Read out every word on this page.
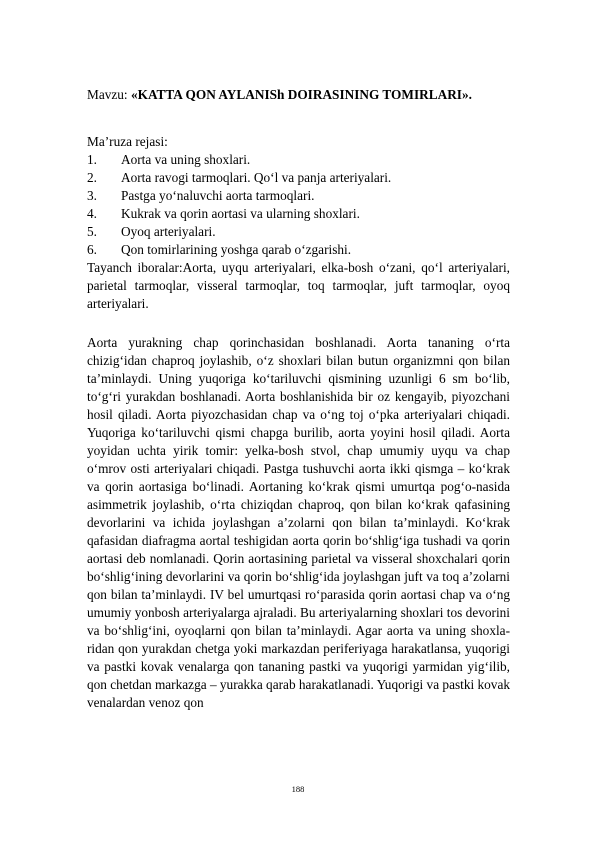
Mavzu: «KATTA QON AYLANISh DOIRASINING TOMIRLARI».
Ma’ruza rejasi:
1.	Aorta va uning shoxlari.
2.	Aorta ravogi tarmoqlari. Qo‘l va panja arteriyalari.
3.	Pastga yo‘naluvchi aorta tarmoqlari.
4.	Kukrak va qorin aortasi va ularning shoxlari.
5.	Oyoq arteriyalari.
6.	Qon tomirlarining yoshga qarab o‘zgarishi.

Tayanch iboralar:Aorta, uyqu arteriyalari, elka-bosh o‘zani, qo‘l arteriyalari, parietal tarmoqlar, visseral tarmoqlar, toq tarmoqlar, juft tarmoqlar, oyoq arteriyalari.

Aorta yurakning chap qorinchasidan boshlanadi. Aorta tananing o‘rta chizig‘idan chaproq joylashib, o‘z shoxlari bilan butun organizmni qon bilan ta’minlaydi. Uning yuqoriga ko‘tariluvchi qismining uzunligi 6 sm bo‘lib, to‘g‘ri yurakdan boshlanadi. Aorta boshlanishida bir oz kengayib, piyozchani hosil qiladi. Aorta piyozchasidan chap va o‘ng toj o‘pka arteriyalari chiqadi. Yuqoriga ko‘tariluvchi qismi chapga burilib, aorta yoyini hosil qiladi. Aorta yoyidan uchta yirik tomir: yelka-bosh stvol, chap umumiy uyqu va chap o‘mrov osti arteriyalari chiqadi. Pastga tushuvchi aorta ikki qismga – ko‘krak va qorin aortasiga bo‘linadi. Aortaning ko‘krak qismi umurtqa pog‘o-nasida asimmetrik joylashib, o‘rta chiziqdan chaproq, qon bilan ko‘krak qafasining devorlarini va ichida joylashgan a’zolarni qon bilan ta’minlaydi. Ko‘krak qafasidan diafragma aortal teshigidan aorta qorin bo‘shlig‘iga tushadi va qorin aortasi deb nomlanadi. Qorin aortasining parietal va visseral shoxchalari qorin bo‘shlig‘ining devorlarini va qorin bo‘shlig‘ida joylashgan juft va toq a’zolarni qon bilan ta’minlaydi. IV bel umurtqasi ro‘parasida qorin aortasi chap va o‘ng umumiy yonbosh arteriyalarga ajraladi. Bu arteriyalarning shoxlari tos devorini va bo‘shlig‘ini, oyoqlarni qon bilan ta’minlaydi. Agar aorta va uning shoxla-ridan qon yurakdan chetga yoki markazdan periferiyaga harakatlansa, yuqorigi va pastki kovak venalarga qon tananing pastki va yuqorigi yarmidan yig‘ilib, qon chetdan markazga – yurakka qarab harakatlanadi. Yuqorigi va pastki kovak venalardan venoz qon

188
